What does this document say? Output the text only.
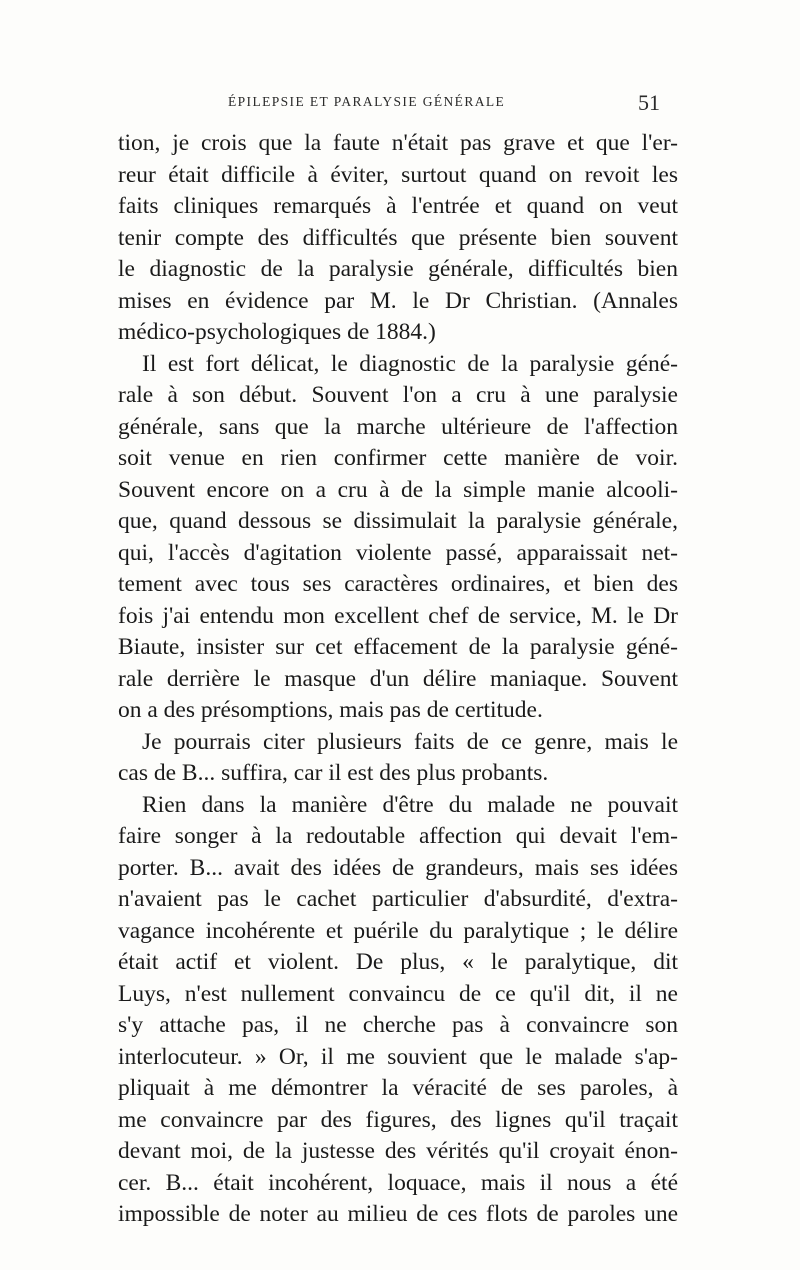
ÉPILEPSIE ET PARALYSIE GÉNÉRALE	51
tion, je crois que la faute n'était pas grave et que l'er-
reur était difficile à éviter, surtout quand on revoit les
faits cliniques remarqués à l'entrée et quand on veut
tenir compte des difficultés que présente bien souvent
le diagnostic de la paralysie générale, difficultés bien
mises en évidence par M. le Dr Christian. (Annales
médico-psychologiques de 1884.)
Il est fort délicat, le diagnostic de la paralysie géné-
rale à son début. Souvent l'on a cru à une paralysie
générale, sans que la marche ultérieure de l'affection
soit venue en rien confirmer cette manière de voir.
Souvent encore on a cru à de la simple manie alcooli-
que, quand dessous se dissimulait la paralysie générale,
qui, l'accès d'agitation violente passé, apparaissait net-
tement avec tous ses caractères ordinaires, et bien des
fois j'ai entendu mon excellent chef de service, M. le Dr
Biaute, insister sur cet effacement de la paralysie géné-
rale derrière le masque d'un délire maniaque. Souvent
on a des présomptions, mais pas de certitude.
Je pourrais citer plusieurs faits de ce genre, mais le
cas de B... suffira, car il est des plus probants.
Rien dans la manière d'être du malade ne pouvait
faire songer à la redoutable affection qui devait l'em-
porter. B... avait des idées de grandeurs, mais ses idées
n'avaient pas le cachet particulier d'absurdité, d'extra-
vagance incohérente et puérile du paralytique ; le délire
était actif et violent. De plus, « le paralytique, dit
Luys, n'est nullement convaincu de ce qu'il dit, il ne
s'y attache pas, il ne cherche pas à convaincre son
interlocuteur. » Or, il me souvient que le malade s'ap-
pliquait à me démontrer la véracité de ses paroles, à
me convaincre par des figures, des lignes qu'il traçait
devant moi, de la justesse des vérités qu'il croyait énon-
cer. B... était incohérent, loquace, mais il nous a été
impossible de noter au milieu de ces flots de paroles une
